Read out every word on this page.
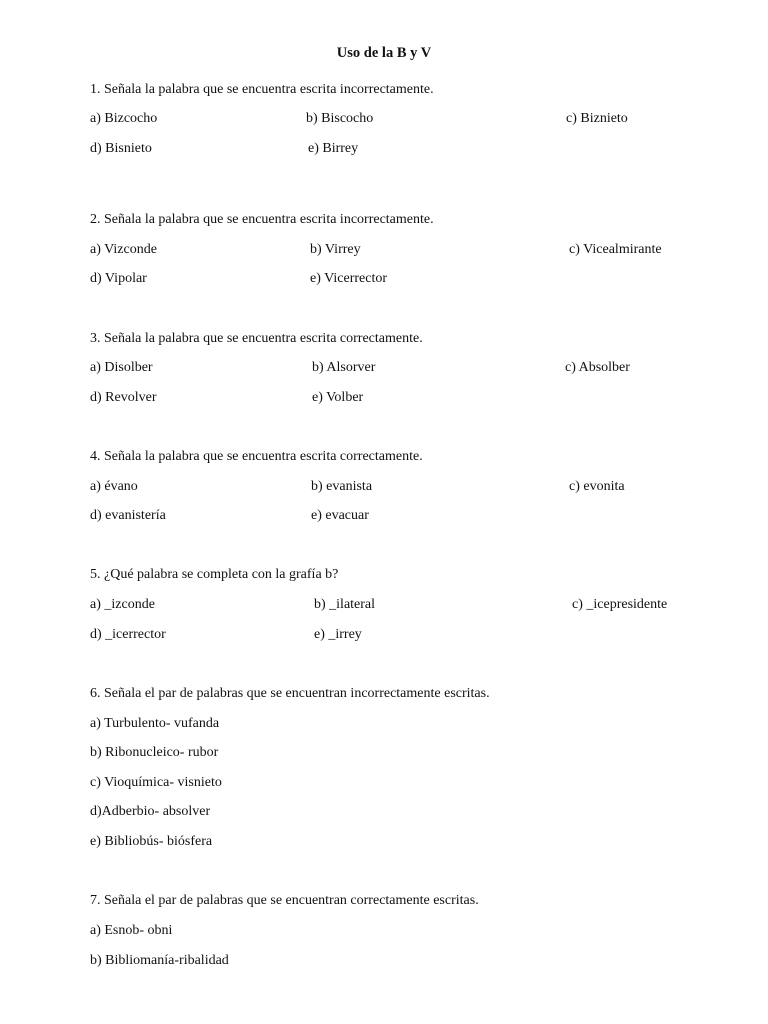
Uso de la B y V
1. Señala la palabra que se encuentra escrita incorrectamente.
a) Bizcocho	b) Biscocho	c) Biznieto
d) Bisnieto	e) Birrey
2. Señala la palabra que se encuentra escrita incorrectamente.
a) Vizconde	b) Virrey	c) Vicealmirante
d) Vipolar	e) Vicerrector
3. Señala la palabra que se encuentra escrita correctamente.
a) Disolber	b) Alsorver	c) Absolber
d) Revolver	e) Volber
4. Señala la palabra que se encuentra escrita correctamente.
a) évano	b) evanista	c) evonita
d) evanistería	e) evacuar
5. ¿Qué palabra se completa con la grafía b?
a) _izconde	b) _ilateral	c) _icepresidente
d) _icerrector	e) _irrey
6. Señala el par de palabras que se encuentran incorrectamente escritas.
a) Turbulento- vufanda
b) Ribonucleico- rubor
c) Vioquímica- visnieto
d)Adberbio- absolver
e) Bibliobús- biósfera
7. Señala el par de palabras que se encuentran correctamente escritas.
a) Esnob- obni
b) Bibliomanía-ribalidad
